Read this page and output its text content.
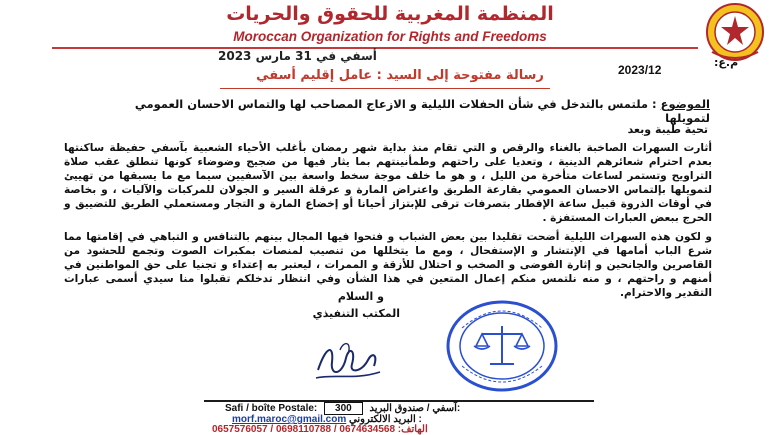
المنظمة المغربية للحقوق والحريات
Moroccan Organization for Rights and Freedoms
أسفي في 31 مارس 2023	م.ع:
2023/12
رسالة مفتوحة إلى السيد : عامل إقليم أسفي
الموضوع : ملتمس بالتدخل في شأن الحفلات الليلية و الازعاج المصاحب لها والتماس الاحسان العمومي لتمويلها
تحية طيبة وبعد
أثارت السهرات الصاخبة بالغناء والرقص و التي تقام منذ بداية شهر رمضان بأغلب الأحياء الشعبية بآسفي حفيظة ساكنتها بعدم احترام شعائرهم الدينية ، وتعديا على راحتهم وطمأنينتهم بما يثار فيها من ضجيج وضوضاء كونها تنطلق عقب صلاة التراويح وتستمر لساعات متأخرة من الليل ، و هو ما خلف موجة سخط واسعة بين الآسفيين سيما مع ما يسبقها من تهييئ لتمويلها بإلتماس الاحسان العمومي بقارعة الطريق واعتراض المارة و عرقلة السير و الجولان للمركبات والآليات ، و بخاصة في أوقات الذروة قبيل ساعة الإفطار بتصرفات ترقى للإبتزاز أحيانا أو إخضاع المارة و التجار ومستعملي الطريق للتضييق و الحرج ببعض العبارات المستفزة .
و لكون هذه السهرات الليلية أضحت تقليدا بين بعض الشباب و فتحوا فيها المجال بينهم بالتنافس و التباهي في إقامتها مما شرع الباب أمامها في الإنتشار و الإستفحال ، ومع ما يتخللها من تنصيب لمنصات بمكبرات الصوت وتجمع للحشود من القاصرين والجانحين و إثارة الفوضى و الصخب و احتلال للأزقة و الممرات ، ليعتبر به إعتداء و تجنيا على حق المواطنين في أمنهم و راحتهم ، و منه نلتمس منكم إعمال المتعين في هذا الشأن وفي انتظار تدخلكم تقبلوا منا سيدي أسمى عبارات التقدير والاحترام.
و السلام
المكتب التنفيذي
Safi / boîte Postale: 300 آسفي / صندوق البريد:
morf.maroc@gmail.com البريد الالكتروني :
الهاتف: 0674634568 / 0698110788 / 0657576057
